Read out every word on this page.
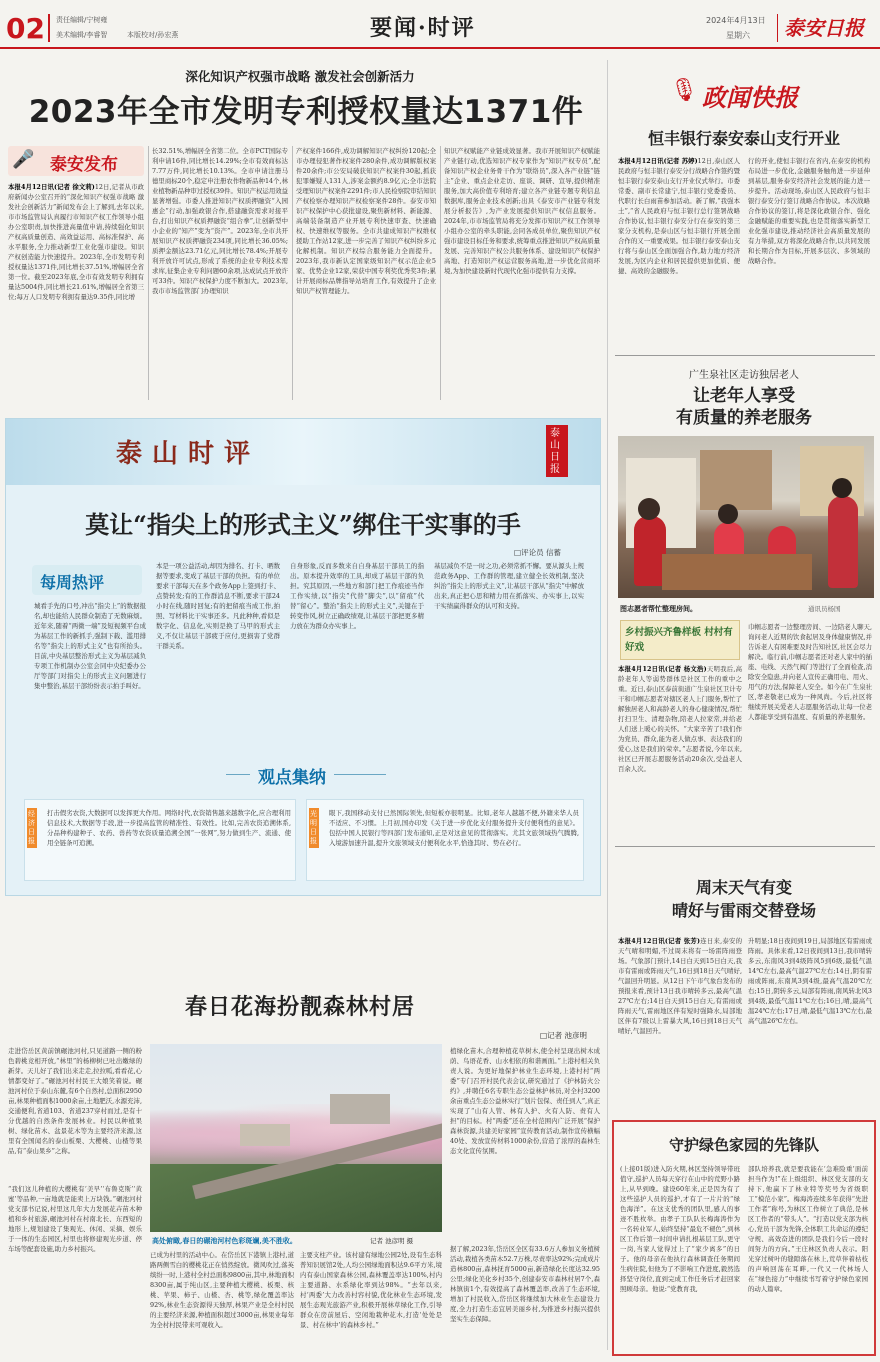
02 责任编辑/宁树雍
美术编辑/李睿智	本版校对/孙宏燕	要闻·时评	2024年4月13日
星期六 泰安日报
深化知识产权强市战略 激发社会创新活力
2023年全市发明专利授权量达1371件
🎤 泰安发布
本报4月12日讯(记者 徐文莉)12日,记者从市政府新闻办公室召开的“深化知识产权强市战略 激发社会创新活力”新闻发布会上了解到,去年以来,市市场监管局认真履行市知识产权工作领导小组办公室职责,加快推进高量值申请,持续强化知识产权高质量创造、高效益运用、高标准保护、高水平服务,全力推动新型工业化强市建设。知识产权创造能力快速提升。2023年,全市发明专利授权量达1371件,同比增长37.51%,增幅居全省第一位。截至2023年底,全市有效发明专利拥有量达5004件,同比增长21.61%,增幅居全省第三位;每万人口发明专利拥有量达9.35件,同比增
长32.51%,增幅居全省第二位。全市PCT国际专利申请16件,同比增长14.29%;全市有效商标达7.77万件,同比增长10.13%。全市申请注册马德里商标20个,稳定申注册农作物新品种14个,林业植物新品种审过授权39件。知识产权运用效益显著增强。市委人推进知识产权质押融资“入园惠企”行动,加强政银合作,搭建融资需求对接平台,打出知识产权质押融资“组合拳”,让创新型中小企业的“知产”变为“资产”。2023年,全市共开展知识产权质押融资234项,同比增长36.05%;质押金额达23.71亿元,同比增长78.4%;开展专利开放许可试点,形成了系统的企业专利技术需求库,征集企业专利问题60余项,达成试点开放许可33件。知识产权保护力度不断加大。2023年,我市市场监管部门办理知识
产权案件166件,成功调解知识产权纠纷120起;全市办理侵犯著作权案件280余件,成功调解版权案件20余件;市公安局破获知识产权案件30起,抓获犯罪嫌疑人131人,涉案金额约8.9亿元;全市法院受理知识产权案件2291件;市人民检察院审结知识产权检察办理知识产权检察案件28件。泰安市知识产权保护中心获批建设,聚焦新材料、新能源、高端装备制造产业开展专利快速审查、快速确权、快速维权等服务。全市共建成知识产权维权援助工作站12家,进一步完善了知识产权纠纷多元化解机制。知识产权综合服务能力全面提升。2023年,我市新认定国家级知识产权示范企业5家、优势企业12家,荣获中国专利奖优秀奖3件;累计开展商标品牌指导站培育工作,有效提升了企业知识产权管理能力。
知识产权赋能产业链成效显著。我市开展知识产权赋能产业链行动,优选知识产权专家作为“知识产权专员”,配备知识产权企业务骨干作为“联络员”,深入各产业链“链主”企业、重点企业走访、座谈、调研、宣导,提供精准服务,加大高价值专利培育;建立各产业链专题专利信息数据库,服务企业技术创新;出具《泰安市产业链专利发展分析报告》,为产业发展提供知识产权信息服务。2024年,市市场监管局将充分发挥市知识产权工作领导小组办公室的牵头职能,会同各成员单位,聚焦知识产权强市建设目标任务和要求,统筹重点推进知识产权高质量发展、完善知识产权公共服务体系、建设知识产权保护高地、打造知识产权运营服务高地,进一步优化营商环境,为加快建设新时代现代化强市提供有力支撑。
🎙 政闻快报
恒丰银行泰安泰山支行开业
本报4月12日讯(记者 苏婷)12日,泰山区人民政府与恒丰银行泰安分行战略合作签约暨恒丰银行泰安泰山支行开业仪式举行。市委常委、副市长常建宁,恒丰银行党委委员、代职行长白雨苗参加活动。新了解,“我强本土”,“省人民政府与恒丰银行总行签署战略合作协议,恒丰银行泰安分行在泰安的第三家分支机构,是泰山区与恒丰银行开展全面合作的又一重要成果。恒丰银行泰安泰山支行将与泰山区全面加强合作,助力地方经济发展,为区内企业和居民提供更加优质、便捷、高效的金融服务。
行的开业,使恒丰银行在省内,在泰安的机构布局进一步优化,金融服务触角进一步延伸到基层,服务泰安经济社会发展的能力进一步提升。活动现场,泰山区人民政府与恒丰银行泰安分行签订战略合作协议。本次战略合作协议的签订,将是深化政银合作、强化金融赋能的重要实践,也是贯彻落实新型工业化强市建设,推动经济社会高质量发展的有力举措,双方将深化战略合作,以共同发展和长期合作为目标,开展多层次、多领域的战略合作。
广生泉社区走访独居老人
让老年人享受
有质量的养老服务
图志愿者帮忙整理房间。	通讯员杨国
乡村振兴齐鲁样板 村村有好戏
本报4月12日讯(记者 杨文浩)天明我后,高龄老年人等弱势群体是社区工作的重中之重。近日,泰山区泰前街道广生泉社区卫计专干和巾帼志愿者对辖区老人上门服务,帮忙了解独居老人和高龄老人的身心健康情况,帮忙打扫卫生、清理杂物,陪老人拉家常,并给老人们送上暖心的关怀。“大家辛苦了!我们作为党员、群众,能为老人做点事、表达我们的爱心,这是我们的荣幸。”志愿者说,今年以来,社区已开展志愿服务活动20余次,受益老人百余人次。
巾帼志愿者一边整理房间、一边陪老人聊天,询问老人近期的饮食起居及身体健康情况,并告诉老人有困难要及时告知社区,社区会尽力解决。临行前,巾帼志愿者还对老人家中的插座、电线、天然气阀门等进行了全面检查,消除安全隐患,并向老人宣传正确用电、用火、用气的方法,保障老人安全。如今在广生泉社区,孝老敬老已成为一种风尚。今后,社区将继续开展关爱老人志愿服务活动,让每一位老人都能享受到有温度、有质量的养老服务。
周末天气有变
晴好与雷雨交替登场
本报4月12日讯(记者 张芳)连日来,泰安的天气晴和明媚,不过周末将有一场雷阵雨登场。气象部门预计,14日白天到15日白天,我市有雷雨或阵雨天气,16日到18日天气晴好,气温回升明显。从12日下午市气象台发布的预报来看,预计13日我市晴转多云,最高气温27℃左右;14日白天到15日白天,有雷雨或阵雨天气,雷雨地区伴有短时强降水,局部地区伴有7级以上雷暴大风,16日到18日天气晴好,气温回升。
升明显;18日夜间到19日,局部地区有雷雨或阵雨。具体来看,12日夜间到13日,我市晴转多云,东南风3到4级阵风5到6级,最低气温14℃左右,最高气温27℃左右;14日,阴有雷雨或阵雨,东南风3到4级,最高气温20℃左右;15日,阴转多云,局部有阵雨,南风转北风3到4级,最低气温11℃左右;16日,晴,最高气温24℃左右;17日,晴,最低气温13℃左右,最高气温26℃左右。
守护绿色家园的先锋队
(上接01版)进入防火期,林区坚持领导带班值守,巡护人员每天穿行在山中的荒野小路上,从早到晚。建设60年来,正是因为有了这些巡护人员的巡护,才有了一片片的“绿色海洋”。在这支优秀的团队里,感人的事迹不胜枚举。由孝子工队队长梅海涛作为一名转业军人,始终坚持“最危不褪色”,到林区工作后第一时间申请扎根基层工队,更守一岗,当家人觉得过上了“家少离多”的日子。他的母亲在他执行森林调查任务期间生病住院,但他为了不影响工作进度,毅然选择坚守岗位,直到完成工作任务后才赶回家照顾母亲。他说:“党教育我,
部队培养我,就是要我能在‘急难险重’面前担当作为!”在上级组织、林区党支部的支持下,他赢下了林业特等奖号为省级职工“模范小家”。梅海涛连续多年获得“先进工作者”称号,为林区工作树立了典范,是林区工作者的“带头人”。“打造以党支部为核心,党员干部为先锋,全体职工共命运的遵纪守规、高效奋进的团队是我们今后一段时间努力的方向。”王庄林区负责人表示。阳光穿过树叶的缝隙落在林上,荒草伴着枯枝的声响回荡在耳畔,一代又一代林场人在“绿色接力”中继续书写着守护绿色家园的动人篇章。
泰山时评
泰山日报
莫让“指尖上的形式主义”绑住干实事的手
□评论员 信蓄
每周热评
城看手先的口号,冲出“指尖上”的数据报名,却也能给人民群众制造了无数麻烦。近年来,随着“两微一端”及短视频平台成为基层工作的新抓手,强制下载、滥用排名等“指尖上的形式主义”也有所抬头。目前,中央基层整治形式主义为基层减负专项工作机制办公室会同中央纪委办公厅等部门对指尖上的形式主义问题进行集中整治,基层干部纷纷表示拍手叫好。
本是一项公益活动,却因为排名、打卡、晒数据等要求,变成了基层干部的负担。有的单位要求干部每天在多个政务App上签到打卡、点赞转发;有的工作群消息不断,要求干部24小时在线,随时回复;有的把留痕当成工作,拍照、写材料比干实事还多。凡此种种,看似是数字化、信息化,实则是换了马甲的形式主义,不仅让基层干部疲于应付,更损害了党群干群关系。
自身形象,反而多数来自自身基层干部员工的指出。原本提升效率的工具,却成了基层干部的负担。究其原因,一些地方和部门把工作痕迹当作工作实绩,以“指尖”代替“脚尖”,以“留痕”代替“留心”。整治“指尖上的形式主义”,关键在于转变作风,树立正确政绩观,让基层干部把更多精力放在为群众办实事上。
基层减负不是一时之功,必须常抓不懈。要从源头上规范政务App、工作群的管理,建立健全长效机制,坚决纠治“指尖上的形式主义”,让基层干部从“指尖”中解放出来,真正把心思和精力用在抓落实、办实事上,以实干实绩赢得群众的认可和支持。
观点集纳
经济日报
打击假劣农资,大数据可以发挥更大作用。网络时代,农资销售越来越数字化,应合理利用信息技术,大数据等手段,进一步提高监管的精准性、有效性。比如,完善农资追溯体系,分品种构建种子、农药、兽药等农资质量追溯全国“一张网”,努力做到生产、流通、使用全链条可追溯。
光明日报
眼下,我国移动支付已然国际领先,但短板亦很明显。比如,老年人越越不便,外籍来华人员不适应、不习惯。上月初,国办印发《关于进一步优化支付服务提升支付便利性的意见》。包括中国人民银行等四部门发布通知,正是对这意见的贯彻落实。尤其文旅领域热气腾腾,入境游加速升温,提升文旅领域支付便利化水平,恰逢其时、势在必行。
春日花海扮靓森林村居
□记者 池彦明
走进岱岳区黄前镇碾池河村,只见道路一侧的粉色碧桃竞相开放,“林里”的杨柳树已吐出嫩绿的新芽。天儿好了我们出来走走,拉拉呱,看看花,心情都变好了。”碾池河村村民王大娘笑着说。碾池河村位于泰山东麓,有6个自然村,总面积2950亩,林果种植面积1000余亩,土地肥沃,水源充沛,交通便利,省道103、省道237穿村而过,是有十分优越的自然条件发展林业。村民以种植果树、绿化苗木、盆景花木等为主要经济来源,这里有全国闻名的泰山板栗、大樱桃、山楂等果品,有“泰山果乡”之称。
“我们这儿种植的大樱桃有‘美早’‘布鲁克斯’‘黄蜜’等品种,一亩地就是能卖上万块钱。”碾池河村党支部书记说,村里这几年大力发展花卉苗木种植和乡村旅游,碾池河村在村南北长、东西短的地形上,规划建设了集观光、休闲、采摘、娱乐于一体的生态园区,村里也将修建观光步道、停车场等配套设施,助力乡村振兴。
高处俯瞰,春日的碾池河村色彩斑斓,美不胜收。	记者 池彦明 摄
已成为村里的活动中心。在岱岳区下港镇上港村,道路两侧雪白的樱桃花正在悄然绽放。微风吹过,落英缤纷一时,上港村全村总面积9800亩,其中,林地面积8300亩,属于纯山区,主要种植大樱桃、板栗、核桃、苹果、柿子、山楂、杏、桃等,绿化覆盖率达92%,林业生态资源得天独厚,林果产业是全村村民的主要经济来源,种植面积超过3000亩,林果业每年为全村村民带来可观收入。
主要支柱产业。该村建有绿地公园2处,设有生态科普知识展馆2处,人均公园绿地面积达9.6平方米,境内有泰山国家森林公园,森林覆盖率达100%,村内主要道路、水系绿化率到达98%。“去年以来,村‘两委’大力改善村容村貌,优化林业生态环境,发展生态观光旅游产业,积极开展林草绿化工作,引导群众在房前屋后、空闲地栽种花木,打造‘处处是景、村在林中’的森林乡村。”
植绿化苗木,合理种植花草树木,使全村呈现出树木成荫、鸟语花香、山水相依的和谐画面。”上港村相关负责人说。为更好地保护林业生态环境,上港村村“两委”专门召开村民代表会议,研究通过了《护林防火公约》,并聘任6名专职生态公益林护林员,对全村3200余亩重点生态公益林实行“划片包保、责任到人”,真正实现了“山有人管、林有人护、火有人防、责有人担”的目标。村“两委”还在全村范围内广泛开展“保护森林资源,共建美好家园”宣传教育活动,制作宣传横幅40处、发放宣传材料1000余份,营造了浓厚的森林生态文化宣传氛围。
据了解,2023年,岱岳区全区有33.6万人参加义务植树活动,栽植各类苗木52.7万株,尽责率达92%;完成成片造林800亩,森林抚育5000亩,新造绿化长度达32.95公里;绿化美化乡村35个,创建泰安市森林村居7个,森林镇街1个,有效提高了森林覆盖率,改善了生态环境,增加了村民收入,岱岳区将继续加大林业生态建设力度,全力打造生态宜居美丽乡村,为推进乡村振兴提供坚实生态保障。
